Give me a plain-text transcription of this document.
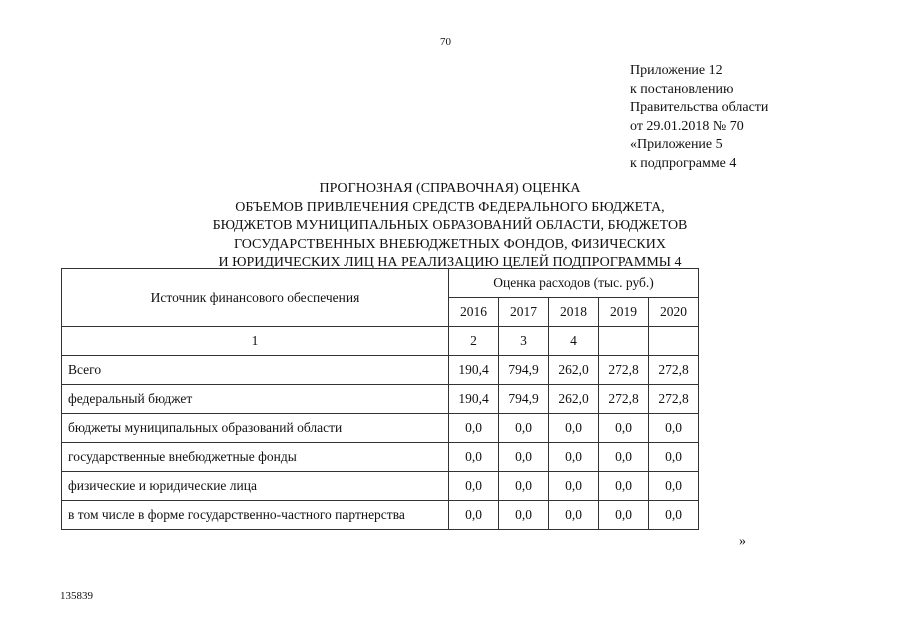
70
Приложение 12
к постановлению
Правительства области
от 29.01.2018 № 70
«Приложение 5
к подпрограмме 4
ПРОГНОЗНАЯ (СПРАВОЧНАЯ) ОЦЕНКА
ОБЪЕМОВ ПРИВЛЕЧЕНИЯ СРЕДСТВ ФЕДЕРАЛЬНОГО БЮДЖЕТА,
БЮДЖЕТОВ МУНИЦИПАЛЬНЫХ ОБРАЗОВАНИЙ ОБЛАСТИ, БЮДЖЕТОВ
ГОСУДАРСТВЕННЫХ ВНЕБЮДЖЕТНЫХ ФОНДОВ, ФИЗИЧЕСКИХ
И ЮРИДИЧЕСКИХ ЛИЦ НА РЕАЛИЗАЦИЮ ЦЕЛЕЙ ПОДПРОГРАММЫ 4
Источник финансового обеспечения	Оценка расходов (тыс. руб.)				
	2016	2017	2018	2019	2020
1	2	3	4		
Всего	190,4	794,9	262,0	272,8	272,8
федеральный бюджет	190,4	794,9	262,0	272,8	272,8
бюджеты муниципальных образований области	0,0	0,0	0,0	0,0	0,0
государственные внебюджетные фонды	0,0	0,0	0,0	0,0	0,0
физические и юридические лица	0,0	0,0	0,0	0,0	0,0
в том числе в форме государственно-частного партнерства	0,0	0,0	0,0	0,0	0,0
»
135839
